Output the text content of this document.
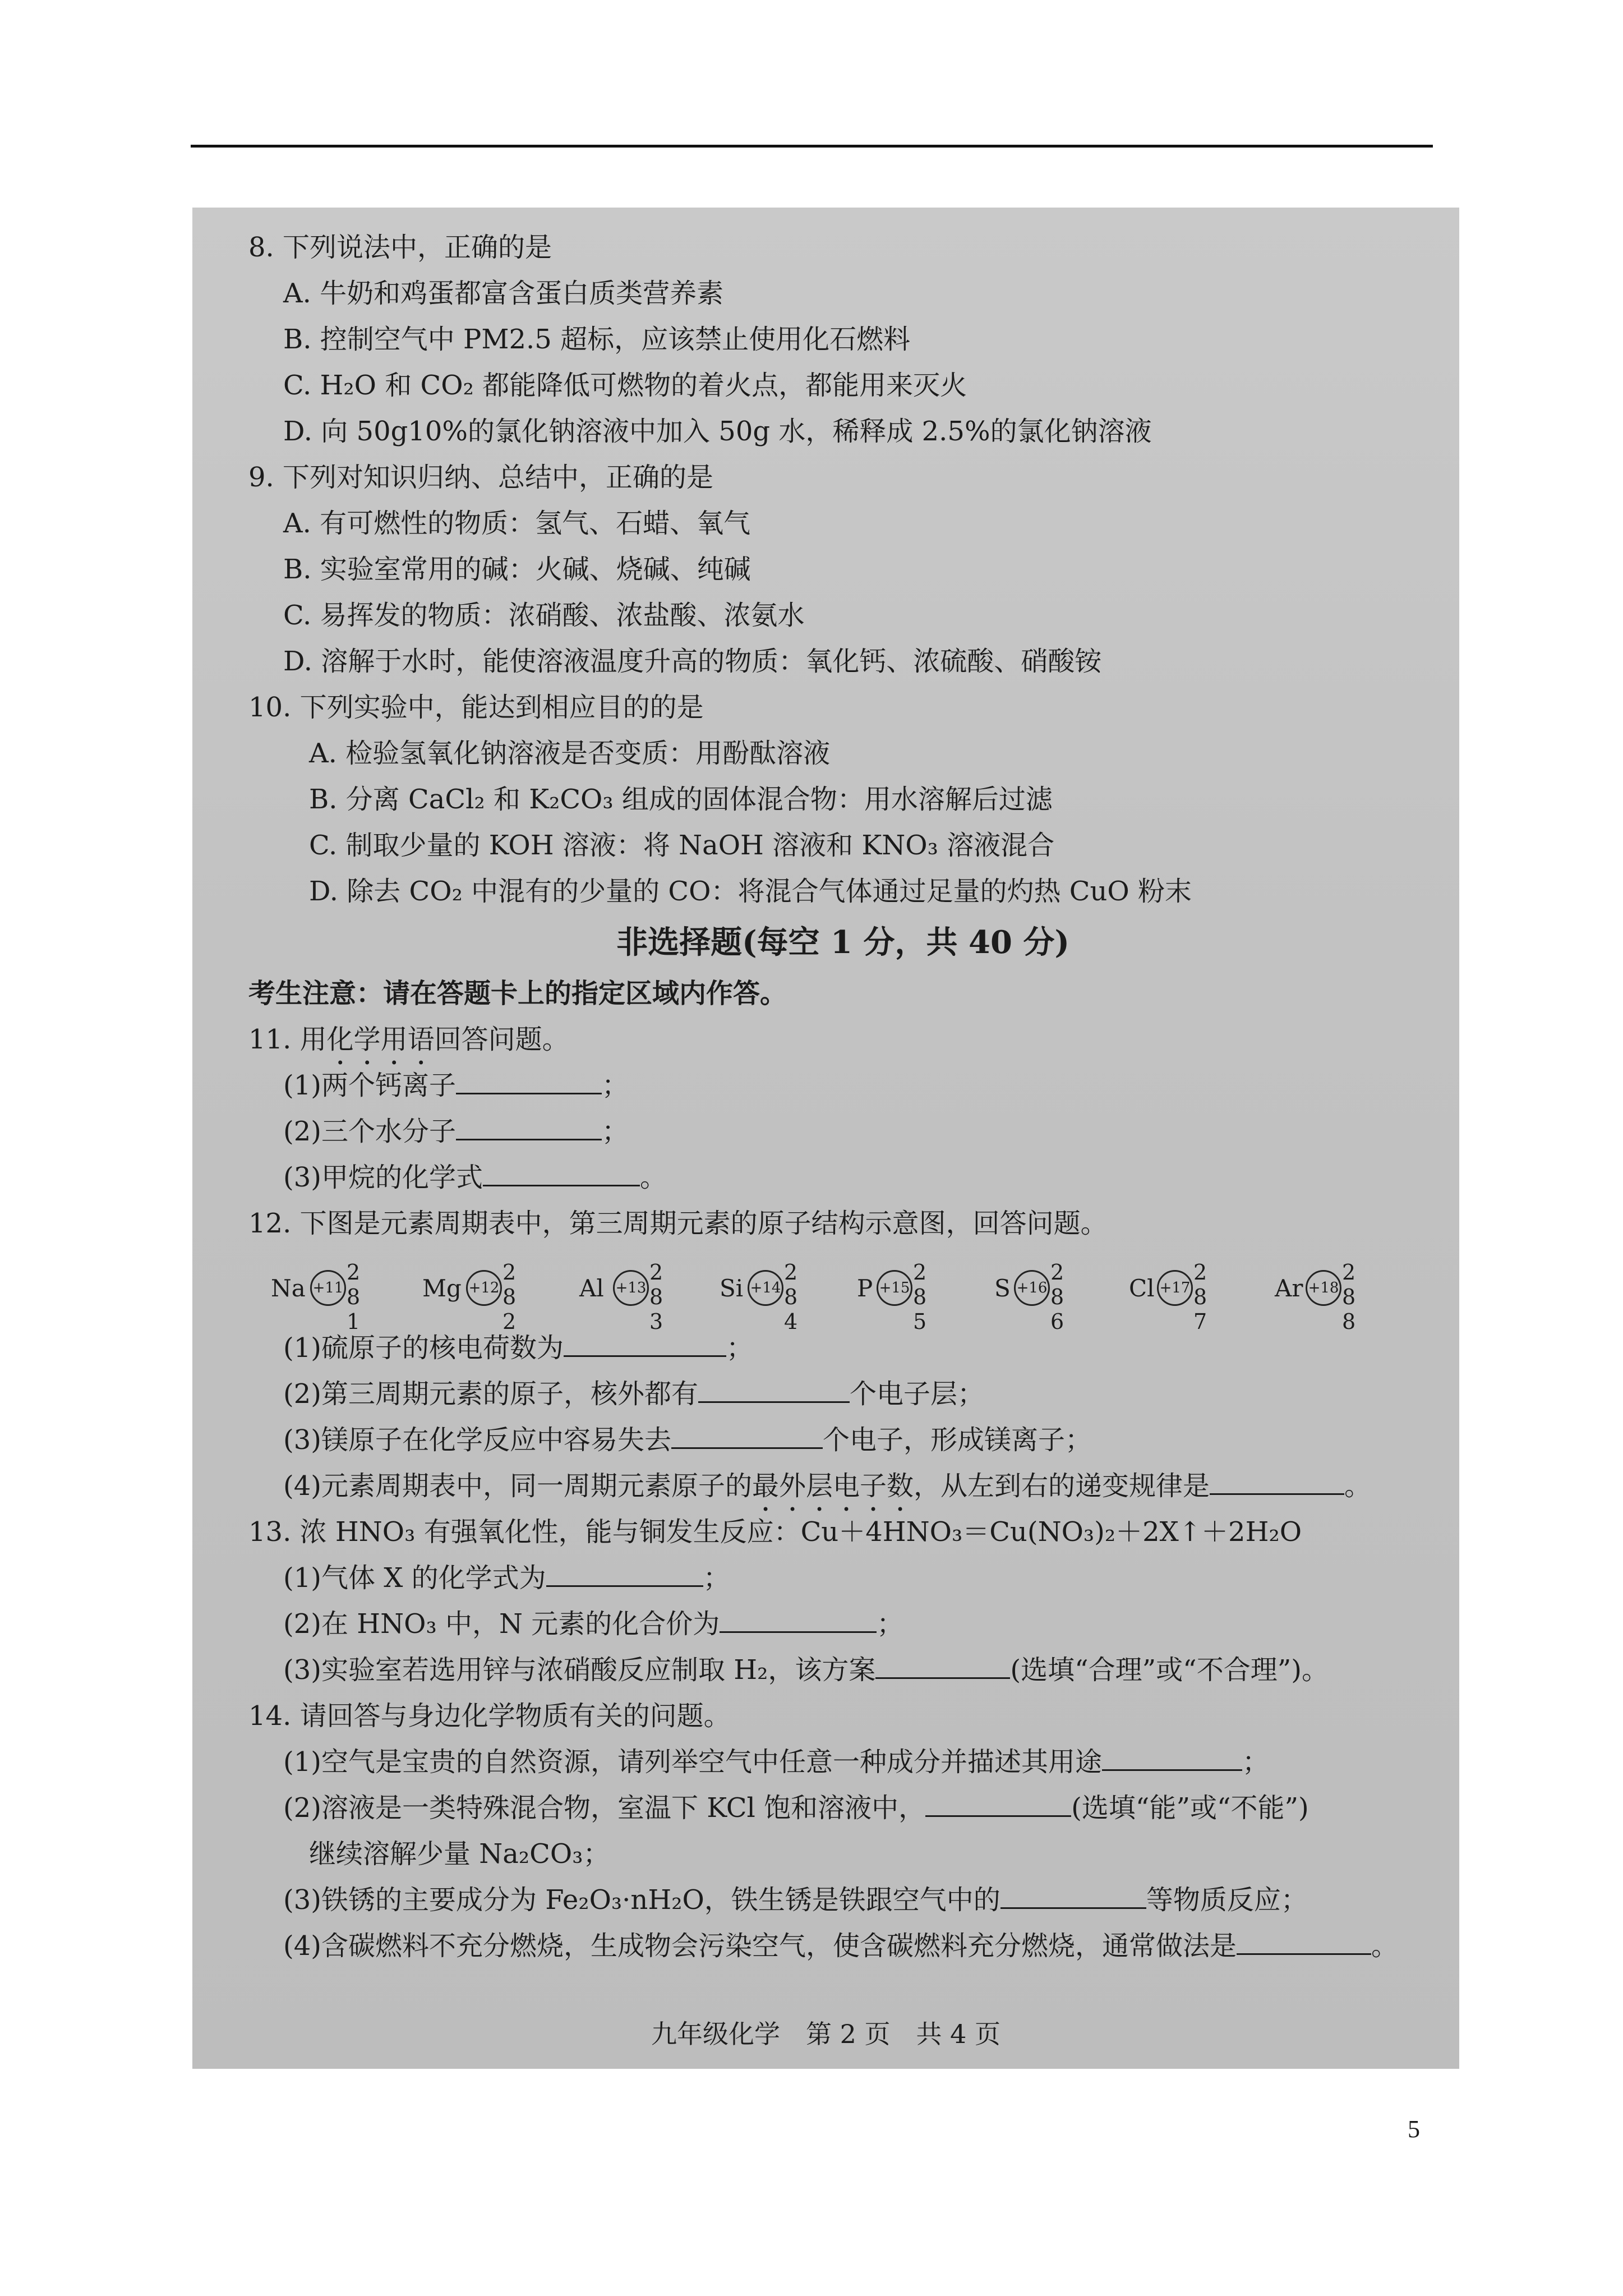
8. 下列说法中，正确的是
A. 牛奶和鸡蛋都富含蛋白质类营养素
B. 控制空气中 PM2.5 超标，应该禁止使用化石燃料
C. H₂O 和 CO₂ 都能降低可燃物的着火点，都能用来灭火
D. 向 50g10%的氯化钠溶液中加入 50g 水，稀释成 2.5%的氯化钠溶液
9. 下列对知识归纳、总结中，正确的是
A. 有可燃性的物质：氢气、石蜡、氧气
B. 实验室常用的碱：火碱、烧碱、纯碱
C. 易挥发的物质：浓硝酸、浓盐酸、浓氨水
D. 溶解于水时，能使溶液温度升高的物质：氧化钙、浓硫酸、硝酸铵
10. 下列实验中，能达到相应目的的是
A. 检验氢氧化钠溶液是否变质：用酚酞溶液
B. 分离 CaCl₂ 和 K₂CO₃ 组成的固体混合物：用水溶解后过滤
C. 制取少量的 KOH 溶液：将 NaOH 溶液和 KNO₃ 溶液混合
D. 除去 CO₂ 中混有的少量的 CO：将混合气体通过足量的灼热 CuO 粉末
非选择题(每空 1 分，共 40 分)
考生注意：请在答题卡上的指定区域内作答。
11. 用化学用语回答问题。
(1)两个钙离子	；
(2)三个水分子	；
(3)甲烷的化学式	。
12. 下图是元素周期表中，第三周期元素的原子结构示意图，回答问题。
Na +11
2 8 1
Mg +12
2 8 2
Al +13
2 8 3
Si +14
2 8 4
P +15
2 8 5
S +16
2 8 6
Cl +17
2 8 7
Ar +18
2 8 8
(1)硫原子的核电荷数为	；
(2)第三周期元素的原子，核外都有	个电子层；
(3)镁原子在化学反应中容易失去	个电子，形成镁离子；
(4)元素周期表中，同一周期元素原子的最外层电子数，从左到右的递变规律是	。
13. 浓 HNO₃ 有强氧化性，能与铜发生反应：Cu＋4HNO₃＝Cu(NO₃)₂＋2X↑＋2H₂O
(1)气体 X 的化学式为	；
(2)在 HNO₃ 中，N 元素的化合价为	；
(3)实验室若选用锌与浓硝酸反应制取 H₂，该方案	(选填“合理”或“不合理”)。
14. 请回答与身边化学物质有关的问题。
(1)空气是宝贵的自然资源，请列举空气中任意一种成分并描述其用途	；
(2)溶液是一类特殊混合物，室温下 KCl 饱和溶液中，	(选填“能”或“不能”)
继续溶解少量 Na₂CO₃；
(3)铁锈的主要成分为 Fe₂O₃·nH₂O，铁生锈是铁跟空气中的	等物质反应；
(4)含碳燃料不充分燃烧，生成物会污染空气，使含碳燃料充分燃烧，通常做法是	。
九年级化学　第 2 页　共 4 页
5
